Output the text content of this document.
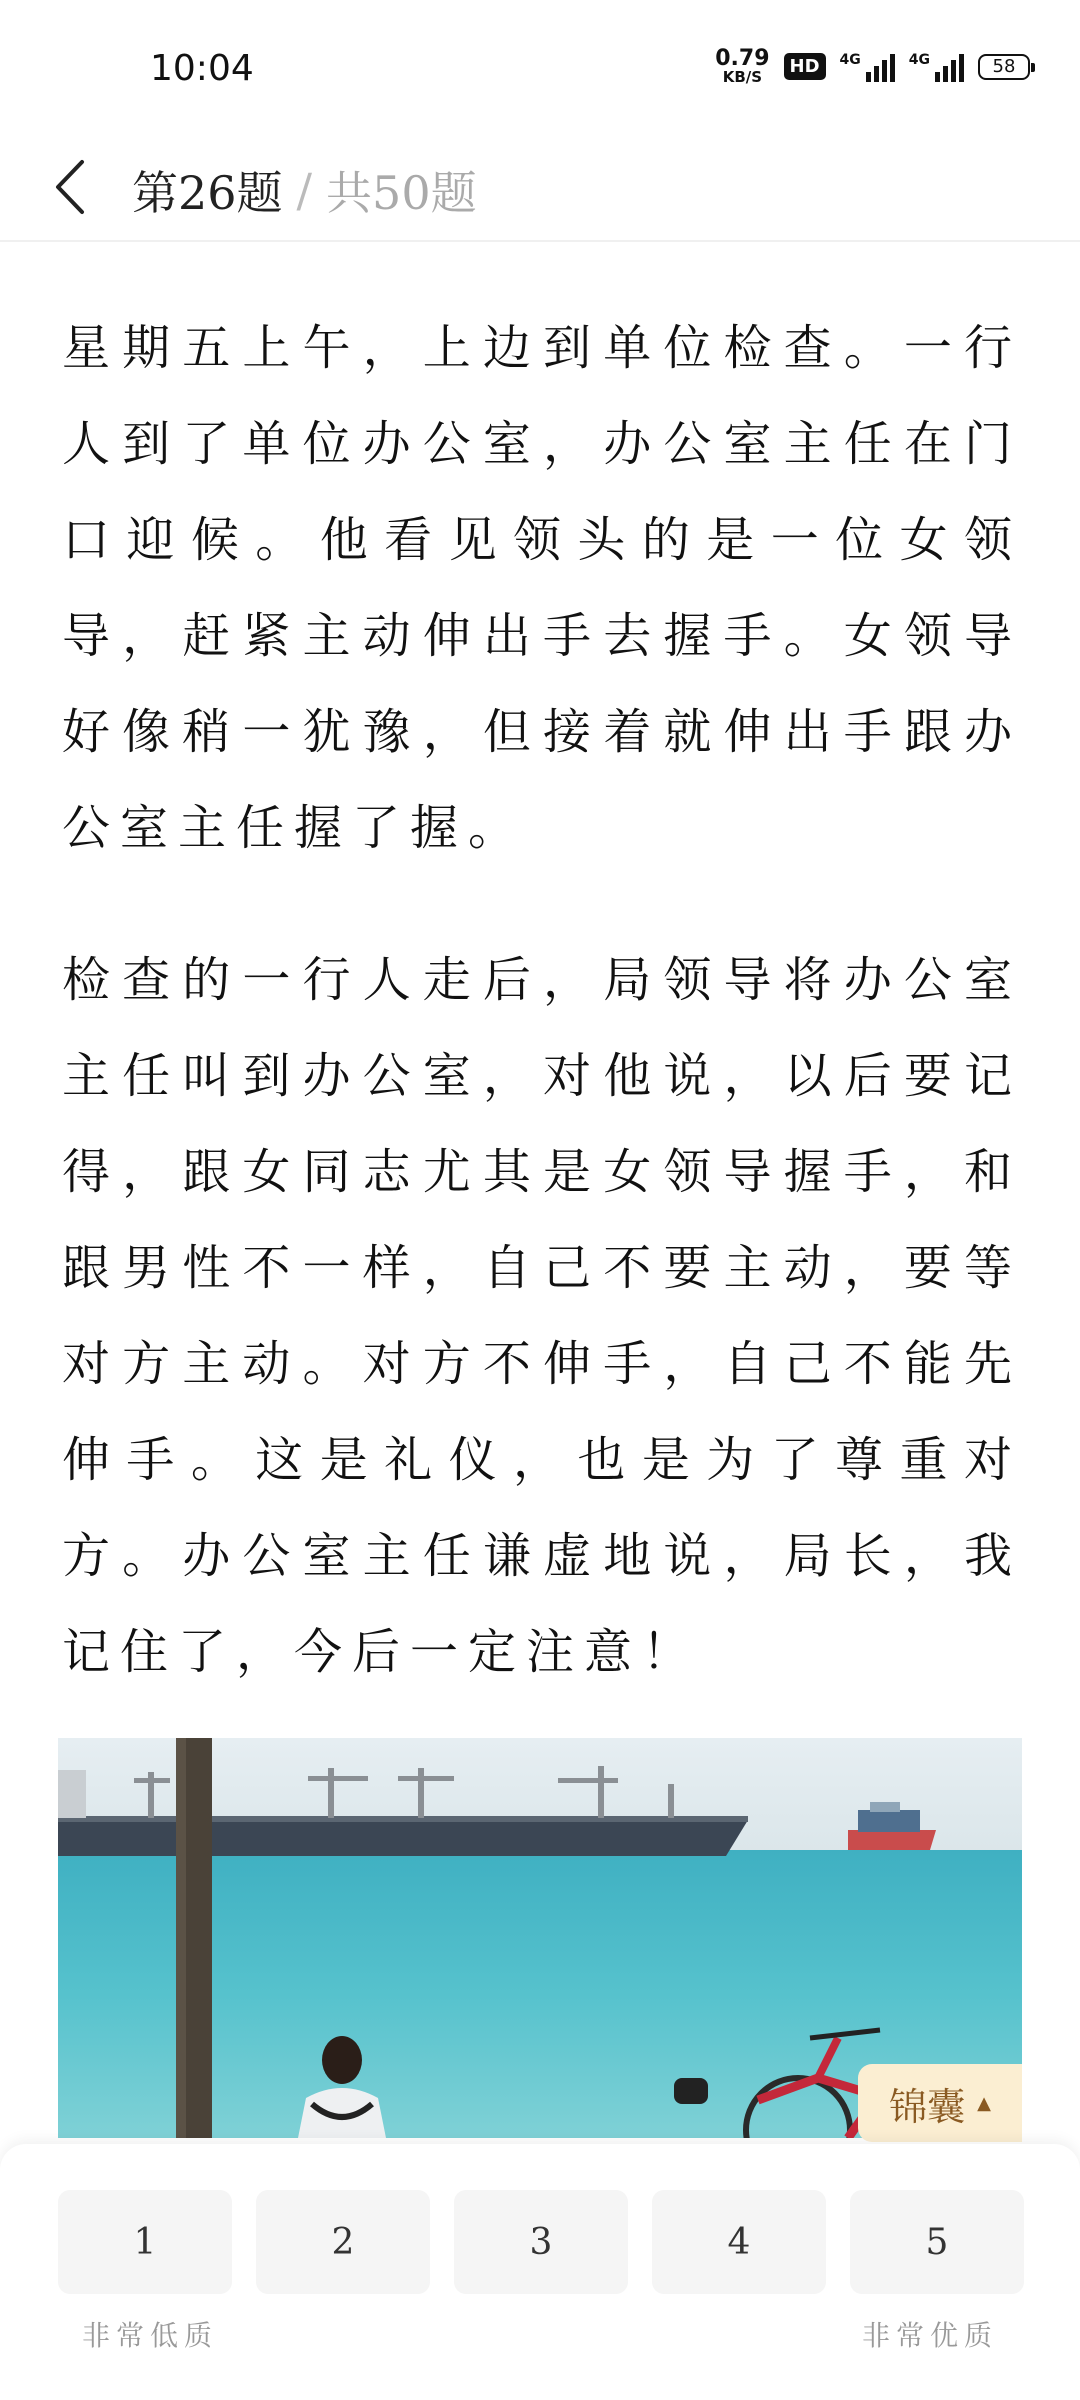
10:04	0.79
KB/S	HD	4G	4G	58
第26题 / 共50题

星期五上午，上边到单位检查。一行人到了单位办公室，办公室主任在门口迎候。他看见领头的是一位女领导，赶紧主动伸出手去握手。女领导好像稍一犹豫，但接着就伸出手跟办公室主任握了握。

检查的一行人走后，局领导将办公室主任叫到办公室，对他说，以后要记得，跟女同志尤其是女领导握手，和跟男性不一样，自己不要主动，要等对方主动。对方不伸手，自己不能先伸手。这是礼仪，也是为了尊重对方。办公室主任谦虚地说，局长，我记住了，今后一定注意！

锦囊 ▲
1	2	3	4	5
非常低质	非常优质
